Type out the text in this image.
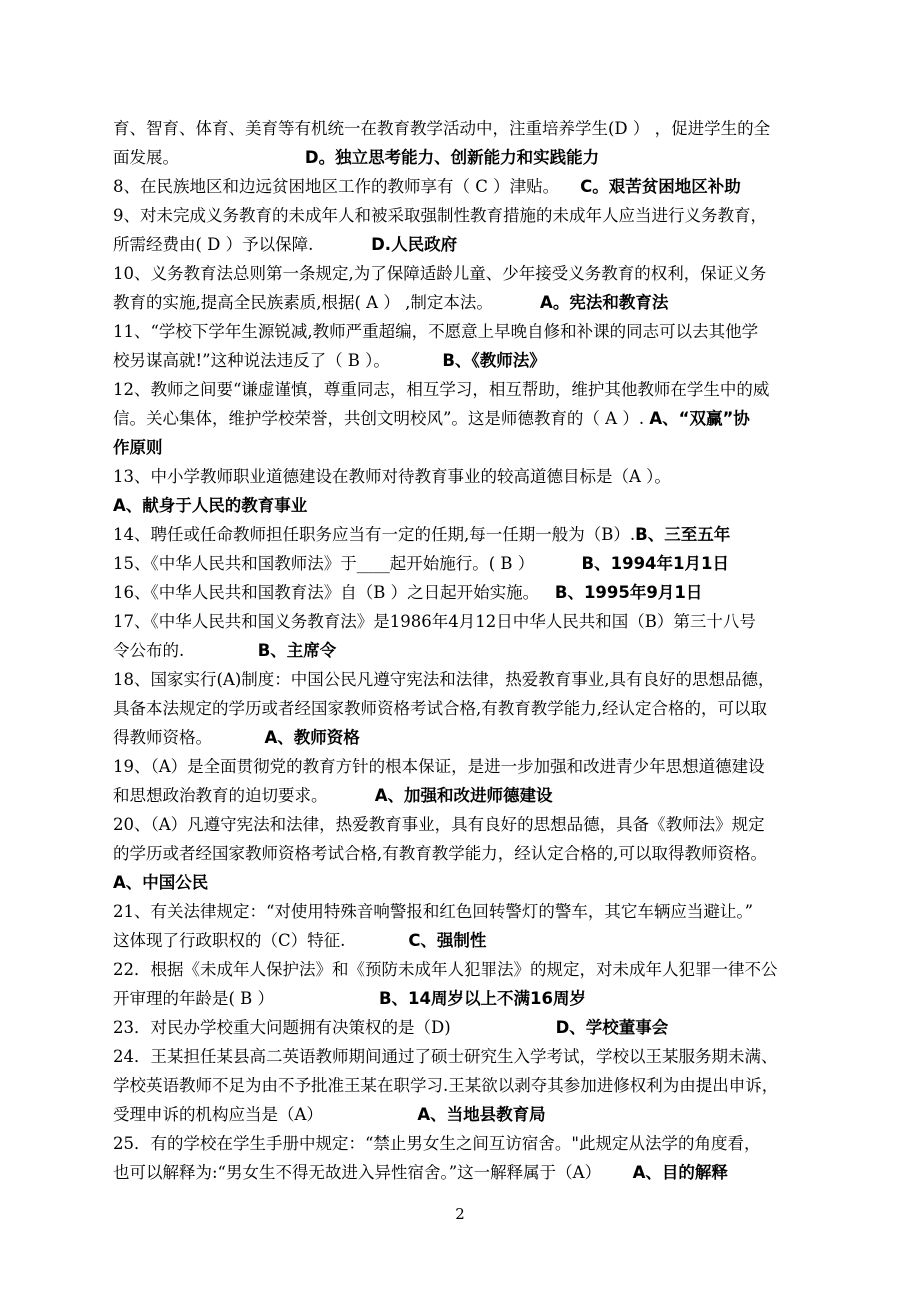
育、智育、体育、美育等有机统一在教育教学活动中，注重培养学生(D ） ，促进学生的全
面发展。	D。独立思考能力、创新能力和实践能力
8、在民族地区和边远贫困地区工作的教师享有（ C ）津贴。 C。艰苦贫困地区补助
9、对未完成义务教育的未成年人和被采取强制性教育措施的未成年人应当进行义务教育，
所需经费由( D ）予以保障.	D.人民政府
10、义务教育法总则第一条规定,为了保障适龄儿童、少年接受义务教育的权利，保证义务
教育的实施,提高全民族素质,根据( A ） ,制定本法。	A。宪法和教育法
11、“学校下学年生源锐减,教师严重超编，不愿意上早晚自修和补课的同志可以去其他学
校另谋高就!”这种说法违反了（ B ）。	B、《教师法》
12、教师之间要“谦虚谨慎，尊重同志，相互学习，相互帮助，维护其他教师在学生中的威
信。关心集体，维护学校荣誉，共创文明校风”。这是师德教育的（ A ）. A、“双赢”协
作原则
13、中小学教师职业道德建设在教师对待教育事业的较高道德目标是（A ）。
A、献身于人民的教育事业
14、聘任或任命教师担任职务应当有一定的任期,每一任期一般为（B）.B、三至五年
15、《中华人民共和国教师法》于____起开始施行。( B ）	B、1994年1月1日
16、《中华人民共和国教育法》自（B ）之日起开始实施。 B、1995年9月1日
17、《中华人民共和国义务教育法》是1986年4月12日中华人民共和国（B）第三十八号
令公布的.	B、主席令
18、国家实行(A)制度：中国公民凡遵守宪法和法律，热爱教育事业,具有良好的思想品德，
具备本法规定的学历或者经国家教师资格考试合格,有教育教学能力,经认定合格的，可以取
得教师资格。	A、教师资格
19、（A）是全面贯彻党的教育方针的根本保证，是进一步加强和改进青少年思想道德建设
和思想政治教育的迫切要求。	A、加强和改进师德建设
20、（A）凡遵守宪法和法律，热爱教育事业，具有良好的思想品德，具备《教师法》规定
的学历或者经国家教师资格考试合格,有教育教学能力，经认定合格的,可以取得教师资格。
A、中国公民
21、有关法律规定：“对使用特殊音响警报和红色回转警灯的警车，其它车辆应当避让。”
这体现了行政职权的（C）特征.	C、强制性
22．根据《未成年人保护法》和《预防未成年人犯罪法》的规定，对未成年人犯罪一律不公
开审理的年龄是( B ）	B、14周岁以上不满16周岁
23．对民办学校重大问题拥有决策权的是（D)	D、学校董事会
24．王某担任某县高二英语教师期间通过了硕士研究生入学考试，学校以王某服务期未满、
学校英语教师不足为由不予批准王某在职学习.王某欲以剥夺其参加进修权利为由提出申诉，
受理申诉的机构应当是（A）	A、当地县教育局
25．有的学校在学生手册中规定：“禁止男女生之间互访宿舍。"此规定从法学的角度看，
也可以解释为:“男女生不得无故进入异性宿舍。”这一解释属于（A） A、目的解释
2
